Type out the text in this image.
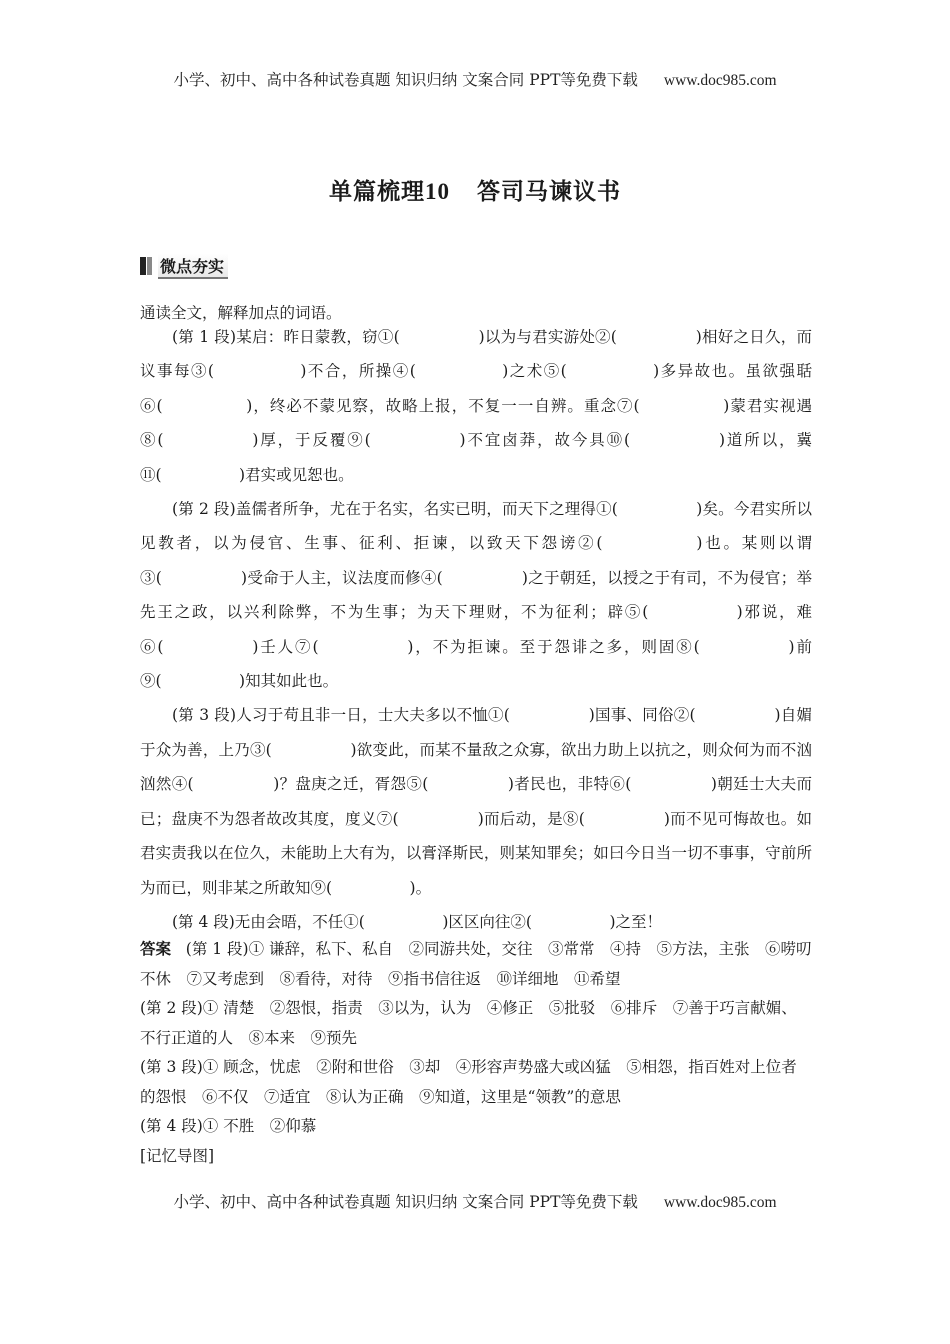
小学、初中、高中各种试卷真题 知识归纳 文案合同 PPT等免费下载 www.doc985.com
单篇梳理10 答司马谏议书
微点夯实
通读全文，解释加点的词语。

(第 1 段)某启：昨日蒙教，窃①(　　　　　)以为与君实游处②(　　　　　)相好之日久，而议事每③(　　　　　)不合，所操④(　　　　　)之术⑤(　　　　　)多异故也。虽欲强聒⑥(　　　　　)，终必不蒙见察，故略上报，不复一一自辨。重念⑦(　　　　　)蒙君实视遇⑧(　　　　　)厚，于反覆⑨(　　　　　)不宜卤莽，故今具⑩(　　　　　)道所以，冀⑪(　　　　　)君实或见恕也。

(第 2 段)盖儒者所争，尤在于名实，名实已明，而天下之理得①(　　　　　)矣。今君实所以见教者，以为侵官、生事、征利、拒谏，以致天下怨谤②(　　　　　)也。某则以谓③(　　　　　)受命于人主，议法度而修④(　　　　　)之于朝廷，以授之于有司，不为侵官；举先王之政，以兴利除弊，不为生事；为天下理财，不为征利；辟⑤(　　　　　)邪说，难⑥(　　　　　)壬人⑦(　　　　　)，不为拒谏。至于怨诽之多，则固⑧(　　　　　)前⑨(　　　　　)知其如此也。

(第 3 段)人习于苟且非一日，士大夫多以不恤①(　　　　　)国事、同俗②(　　　　　)自媚于众为善，上乃③(　　　　　)欲变此，而某不量敌之众寡，欲出力助上以抗之，则众何为而不汹汹然④(　　　　　)？盘庚之迁，胥怨⑤(　　　　　)者民也，非特⑥(　　　　　)朝廷士大夫而已；盘庚不为怨者故改其度，度义⑦(　　　　　)而后动，是⑧(　　　　　)而不见可悔故也。如君实责我以在位久，未能助上大有为，以膏泽斯民，则某知罪矣；如曰今日当一切不事事，守前所为而已，则非某之所敢知⑨(　　　　　)。

(第 4 段)无由会晤，不任①(　　　　　)区区向往②(　　　　　)之至！

答案 (第 1 段)① 谦辞，私下、私自　②同游共处，交往　③常常　④持　⑤方法，主张　⑥唠叨不休　⑦又考虑到　⑧看待，对待　⑨指书信往返　⑩详细地　⑪希望

(第 2 段)① 清楚　②怨恨，指责　③以为，认为　④修正　⑤批驳　⑥排斥　⑦善于巧言献媚、不行正道的人　⑧本来　⑨预先

(第 3 段)① 顾念，忧虑　②附和世俗　③却　④形容声势盛大或凶猛　⑤相怨，指百姓对上位者的怨恨　⑥不仅　⑦适宜　⑧认为正确　⑨知道，这里是“领教”的意思

(第 4 段)① 不胜　②仰慕

[记忆导图]

小学、初中、高中各种试卷真题 知识归纳 文案合同 PPT等免费下载 www.doc985.com
